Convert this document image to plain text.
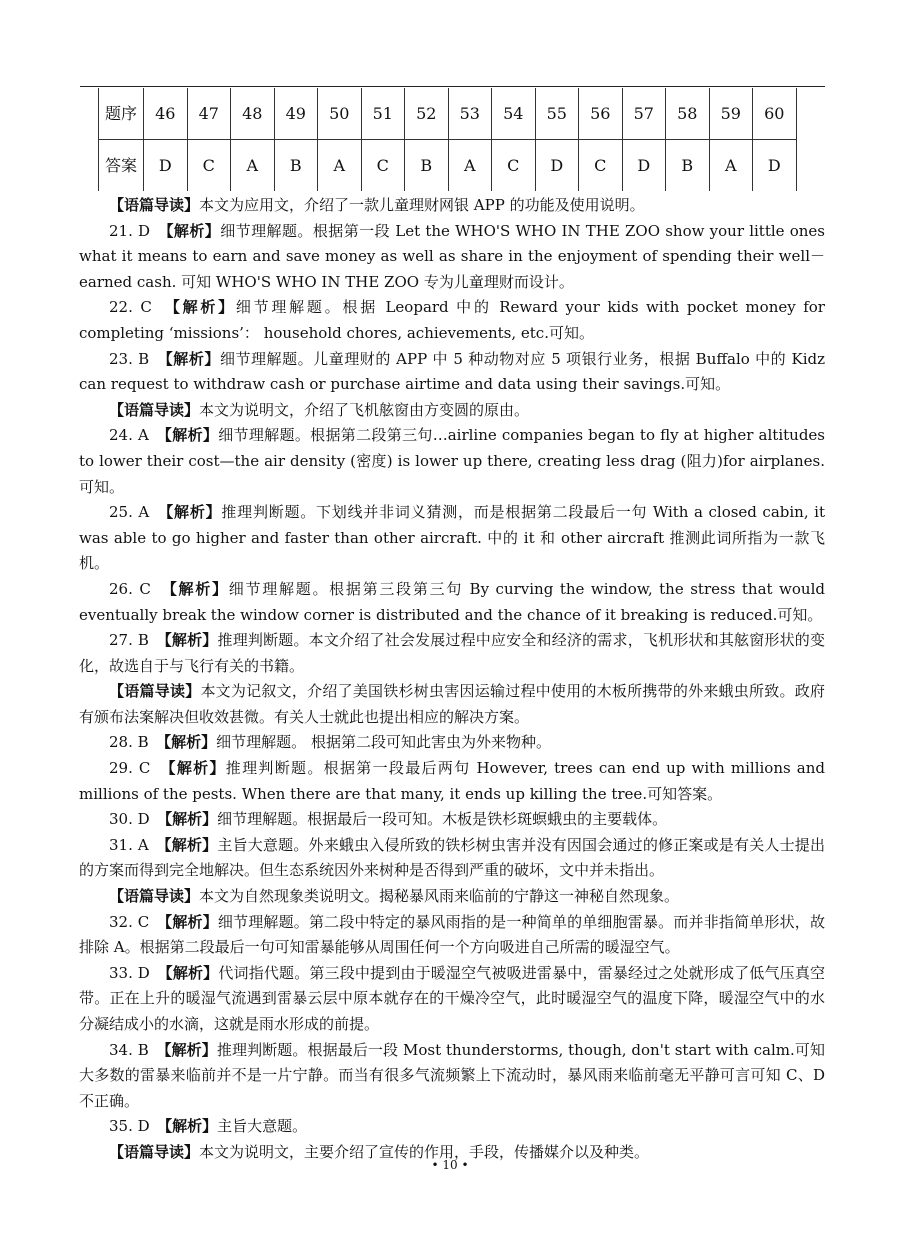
题序	46	47	48	49	50	51	52	53	54	55	56	57	58	59	60
答案	D	C	A	B	A	C	B	A	C	D	C	D	B	A	D

【语篇导读】本文为应用文，介绍了一款儿童理财网银 APP 的功能及使用说明。

21. D　【解析】细节理解题。根据第一段 Let the WHO'S WHO IN THE ZOO show your little ones what it means to earn and save money as well as share in the enjoyment of spending their well－earned cash. 可知 WHO'S WHO IN THE ZOO 专为儿童理财而设计。

22. C　【解析】细节理解题。根据 Leopard 中的 Reward your kids with pocket money for completing ‘missions’： household chores, achievements, etc.可知。

23. B　【解析】细节理解题。儿童理财的 APP 中 5 种动物对应 5 项银行业务，根据 Buffalo 中的 Kidz can request to withdraw cash or purchase airtime and data using their savings.可知。

【语篇导读】本文为说明文，介绍了飞机舷窗由方变圆的原由。

24. A　【解析】细节理解题。根据第二段第三句…airline companies began to fly at higher altitudes to lower their cost—the air density (密度) is lower up there, creating less drag (阻力)for airplanes.可知。

25. A　【解析】推理判断题。下划线并非词义猜测，而是根据第二段最后一句 With a closed cabin, it was able to go higher and faster than other aircraft. 中的 it 和 other aircraft 推测此词所指为一款飞机。

26. C　【解析】细节理解题。根据第三段第三句 By curving the window, the stress that would eventually break the window corner is distributed and the chance of it breaking is reduced.可知。

27. B　【解析】推理判断题。本文介绍了社会发展过程中应安全和经济的需求，飞机形状和其舷窗形状的变化，故选自于与飞行有关的书籍。

【语篇导读】本文为记叙文，介绍了美国铁杉树虫害因运输过程中使用的木板所携带的外来蛾虫所致。政府有颁布法案解决但收效甚微。有关人士就此也提出相应的解决方案。

28. B　【解析】细节理解题。 根据第二段可知此害虫为外来物种。

29. C　【解析】推理判断题。根据第一段最后两句 However, trees can end up with millions and millions of the pests. When there are that many, it ends up killing the tree.可知答案。

30. D　【解析】细节理解题。根据最后一段可知。木板是铁杉斑螟蛾虫的主要载体。

31. A　【解析】主旨大意题。外来蛾虫入侵所致的铁杉树虫害并没有因国会通过的修正案或是有关人士提出的方案而得到完全地解决。但生态系统因外来树种是否得到严重的破坏，文中并未指出。

【语篇导读】本文为自然现象类说明文。揭秘暴风雨来临前的宁静这一神秘自然现象。

32. C　【解析】细节理解题。第二段中特定的暴风雨指的是一种简单的单细胞雷暴。而并非指简单形状，故排除 A。根据第二段最后一句可知雷暴能够从周围任何一个方向吸进自己所需的暖湿空气。

33. D　【解析】代词指代题。第三段中提到由于暖湿空气被吸进雷暴中，雷暴经过之处就形成了低气压真空带。正在上升的暖湿气流遇到雷暴云层中原本就存在的干燥冷空气，此时暖湿空气的温度下降，暖湿空气中的水分凝结成小的水滴，这就是雨水形成的前提。

34. B　【解析】推理判断题。根据最后一段 Most thunderstorms, though, don't start with calm.可知大多数的雷暴来临前并不是一片宁静。而当有很多气流频繁上下流动时，暴风雨来临前毫无平静可言可知 C、D 不正确。

35. D　【解析】主旨大意题。

【语篇导读】本文为说明文，主要介绍了宣传的作用，手段，传播媒介以及种类。

• 10 •
